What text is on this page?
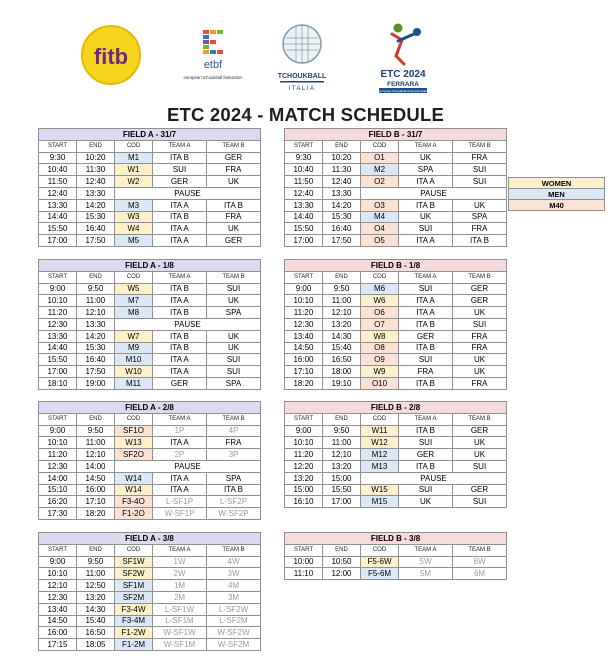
fitb	etbf
european tchoukball federation	TCHOUKBALL
ITALIA
ETC 2024
FERRARA
European Tchoukball Championships
ETC 2024 - MATCH SCHEDULE
FIELD A - 31/7				
START	END	COD	TEAM A	TEAM B
9:30	10:20	M1	ITA B	GER
10:40	11:30	W1	SUI	FRA
11:50	12:40	W2	GER	UK
12:40	13:30	PAUSE		
13:30	14:20	M3	ITA A	ITA B
14:40	15:30	W3	ITA B	FRA
15:50	16:40	W4	ITA A	UK
17:00	17:50	M5	ITA A	GER
FIELD B - 31/7				
START	END	COD	TEAM A	TEAM B
9:30	10:20	O1	UK	FRA
10:40	11:30	M2	SPA	SUI
11:50	12:40	O2	ITA A	SUI
12:40	13:30	PAUSE		
13:30	14:20	O3	ITA B	UK
14:40	15:30	M4	UK	SPA
15:50	16:40	O4	SUI	FRA
17:00	17:50	O5	ITA A	ITA B
FIELD A - 1/8				
START	END	COD	TEAM A	TEAM B
9:00	9:50	W5	ITA B	SUI
10:10	11:00	M7	ITA A	UK
11:20	12:10	M8	ITA B	SPA
12:30	13:30	PAUSE		
13:30	14:20	W7	ITA B	UK
14:40	15:30	M9	ITA B	UK
15:50	16:40	M10	ITA A	SUI
17:00	17:50	W10	ITA A	SUI
18:10	19:00	M11	GER	SPA
FIELD B - 1/8				
START	END	COD	TEAM A	TEAM B
9:00	9:50	M6	SUI	GER
10:10	11:00	W6	ITA A	GER
11:20	12:10	O6	ITA A	UK
12:30	13:20	O7	ITA B	SUI
13:40	14:30	W8	GER	FRA
14:50	15:40	O8	ITA B	FRA
16:00	16:50	O9	SUI	UK
17:10	18:00	W9	FRA	UK
18:20	19:10	O10	ITA B	FRA
FIELD A - 2/8				
START	END	COD	TEAM A	TEAM B
9:00	9:50	SF1O	1P	4P
10:10	11:00	W13	ITA A	FRA
11:20	12:10	SF2O	2P	3P
12:30	14:00	PAUSE		
14:00	14:50	W14	ITA A	SPA
15:10	16:00	W14	ITA A	ITA B
16:20	17:10	F3-4O	L-SF1P	L-SF2P
17:30	18:20	F1-2O	W-SF1P	W-SF2P
FIELD B - 2/8				
START	END	COD	TEAM A	TEAM B
9:00	9:50	W11	ITA B	GER
10:10	11:00	W12	SUI	UK
11:20	12:10	M12	GER	UK
12:20	13:20	M13	ITA B	SUI
13:20	15:00	PAUSE		
15:00	15:50	W15	SUI	GER
16:10	17:00	M15	UK	SUI
FIELD A - 3/8				
START	END	COD	TEAM A	TEAM B
9:00	9:50	SF1W	1W	4W
10:10	11:00	SF2W	2W	3W
12:10	12:50	SF1M	1M	4M
12:30	13:20	SF2M	2M	3M
13:40	14:30	F3-4W	L-SF1W	L-SF2W
14:50	15:40	F3-4M	L-SF1M	L-SF2M
16:00	16:50	F1-2W	W-SF1W	W-SF2W
17:15	18:05	F1-2M	W-SF1M	W-SF2M
FIELD B - 3/8				
START	END	COD	TEAM A	TEAM B
10:00	10:50	F5-6W	5W	6W
11:10	12:00	F5-6M	5M	6M
WOMEN
MEN
M40
